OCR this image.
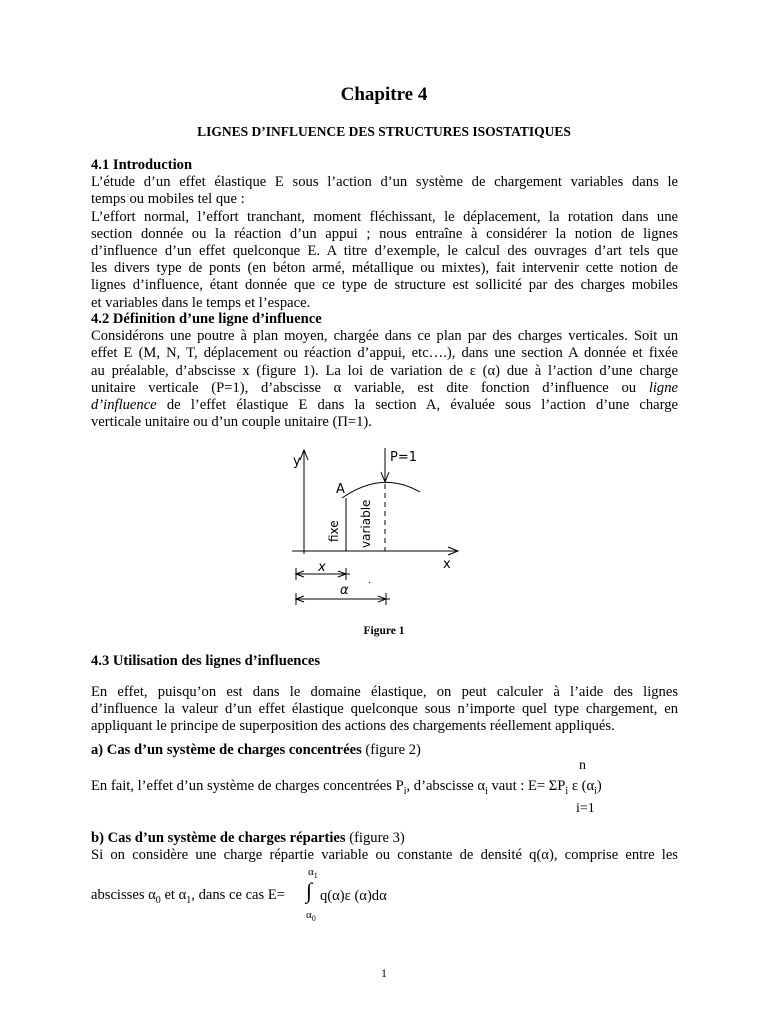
Chapitre 4
LIGNES D’INFLUENCE DES STRUCTURES ISOSTATIQUES
4.1 Introduction
L’étude d’un effet élastique E sous l’action d’un système de chargement variables dans le
temps ou mobiles tel que :
L’effort normal, l’effort tranchant, moment fléchissant, le déplacement, la rotation dans une
section donnée ou la réaction d’un appui ; nous entraîne à considérer la notion de lignes
d’influence d’un effet quelconque E. A titre d’exemple, le calcul des ouvrages d’art tels que
les divers type de ponts (en béton armé, métallique ou mixtes), fait intervenir cette notion de
lignes d’influence, étant donnée que ce type de structure est sollicité par des charges mobiles
et variables dans le temps et l’espace.
4.2 Définition d’une ligne d’influence
Considérons une poutre à plan moyen, chargée dans ce plan par des charges verticales. Soit un
effet E (M, N, T, déplacement ou réaction d’appui, etc….), dans une section A donnée et fixée
au préalable, d’abscisse x (figure 1). La loi de variation de ε (α) due à l’action d’une charge
unitaire verticale (P=1), d’abscisse α variable, est dite fonction d’influence ou ligne
d’influence de l’effet élastique E dans la section A, évaluée sous l’action d’une charge
verticale unitaire ou d’un couple unitaire (Π=1).
y
x
P=1
A
fixe variable
x
.
α
Figure 1
4.3 Utilisation des lignes d’influences
En effet, puisqu’on est dans le domaine élastique, on peut calculer à l’aide des lignes
d’influence la valeur d’un effet élastique quelconque sous n’importe quel type chargement, en
appliquant le principe de superposition des actions des chargements réellement appliqués.
a) Cas d’un système de charges concentrées (figure 2)
n
En fait, l’effet d’un système de charges concentrées $P_i$, d’abscisse $\alpha_i$ vaut : $E= \Sigma P_i$ ε $(\alpha_i)$
i=1
b) Cas d’un système de charges réparties (figure 3)
Si on considère une charge répartie variable ou constante de densité q(α), comprise entre les
$\alpha_1$
abscisses $\alpha_0$ et $\alpha_1$, dans ce cas E= ∫ q(α)ε (α)dα
$\alpha_0$
1
